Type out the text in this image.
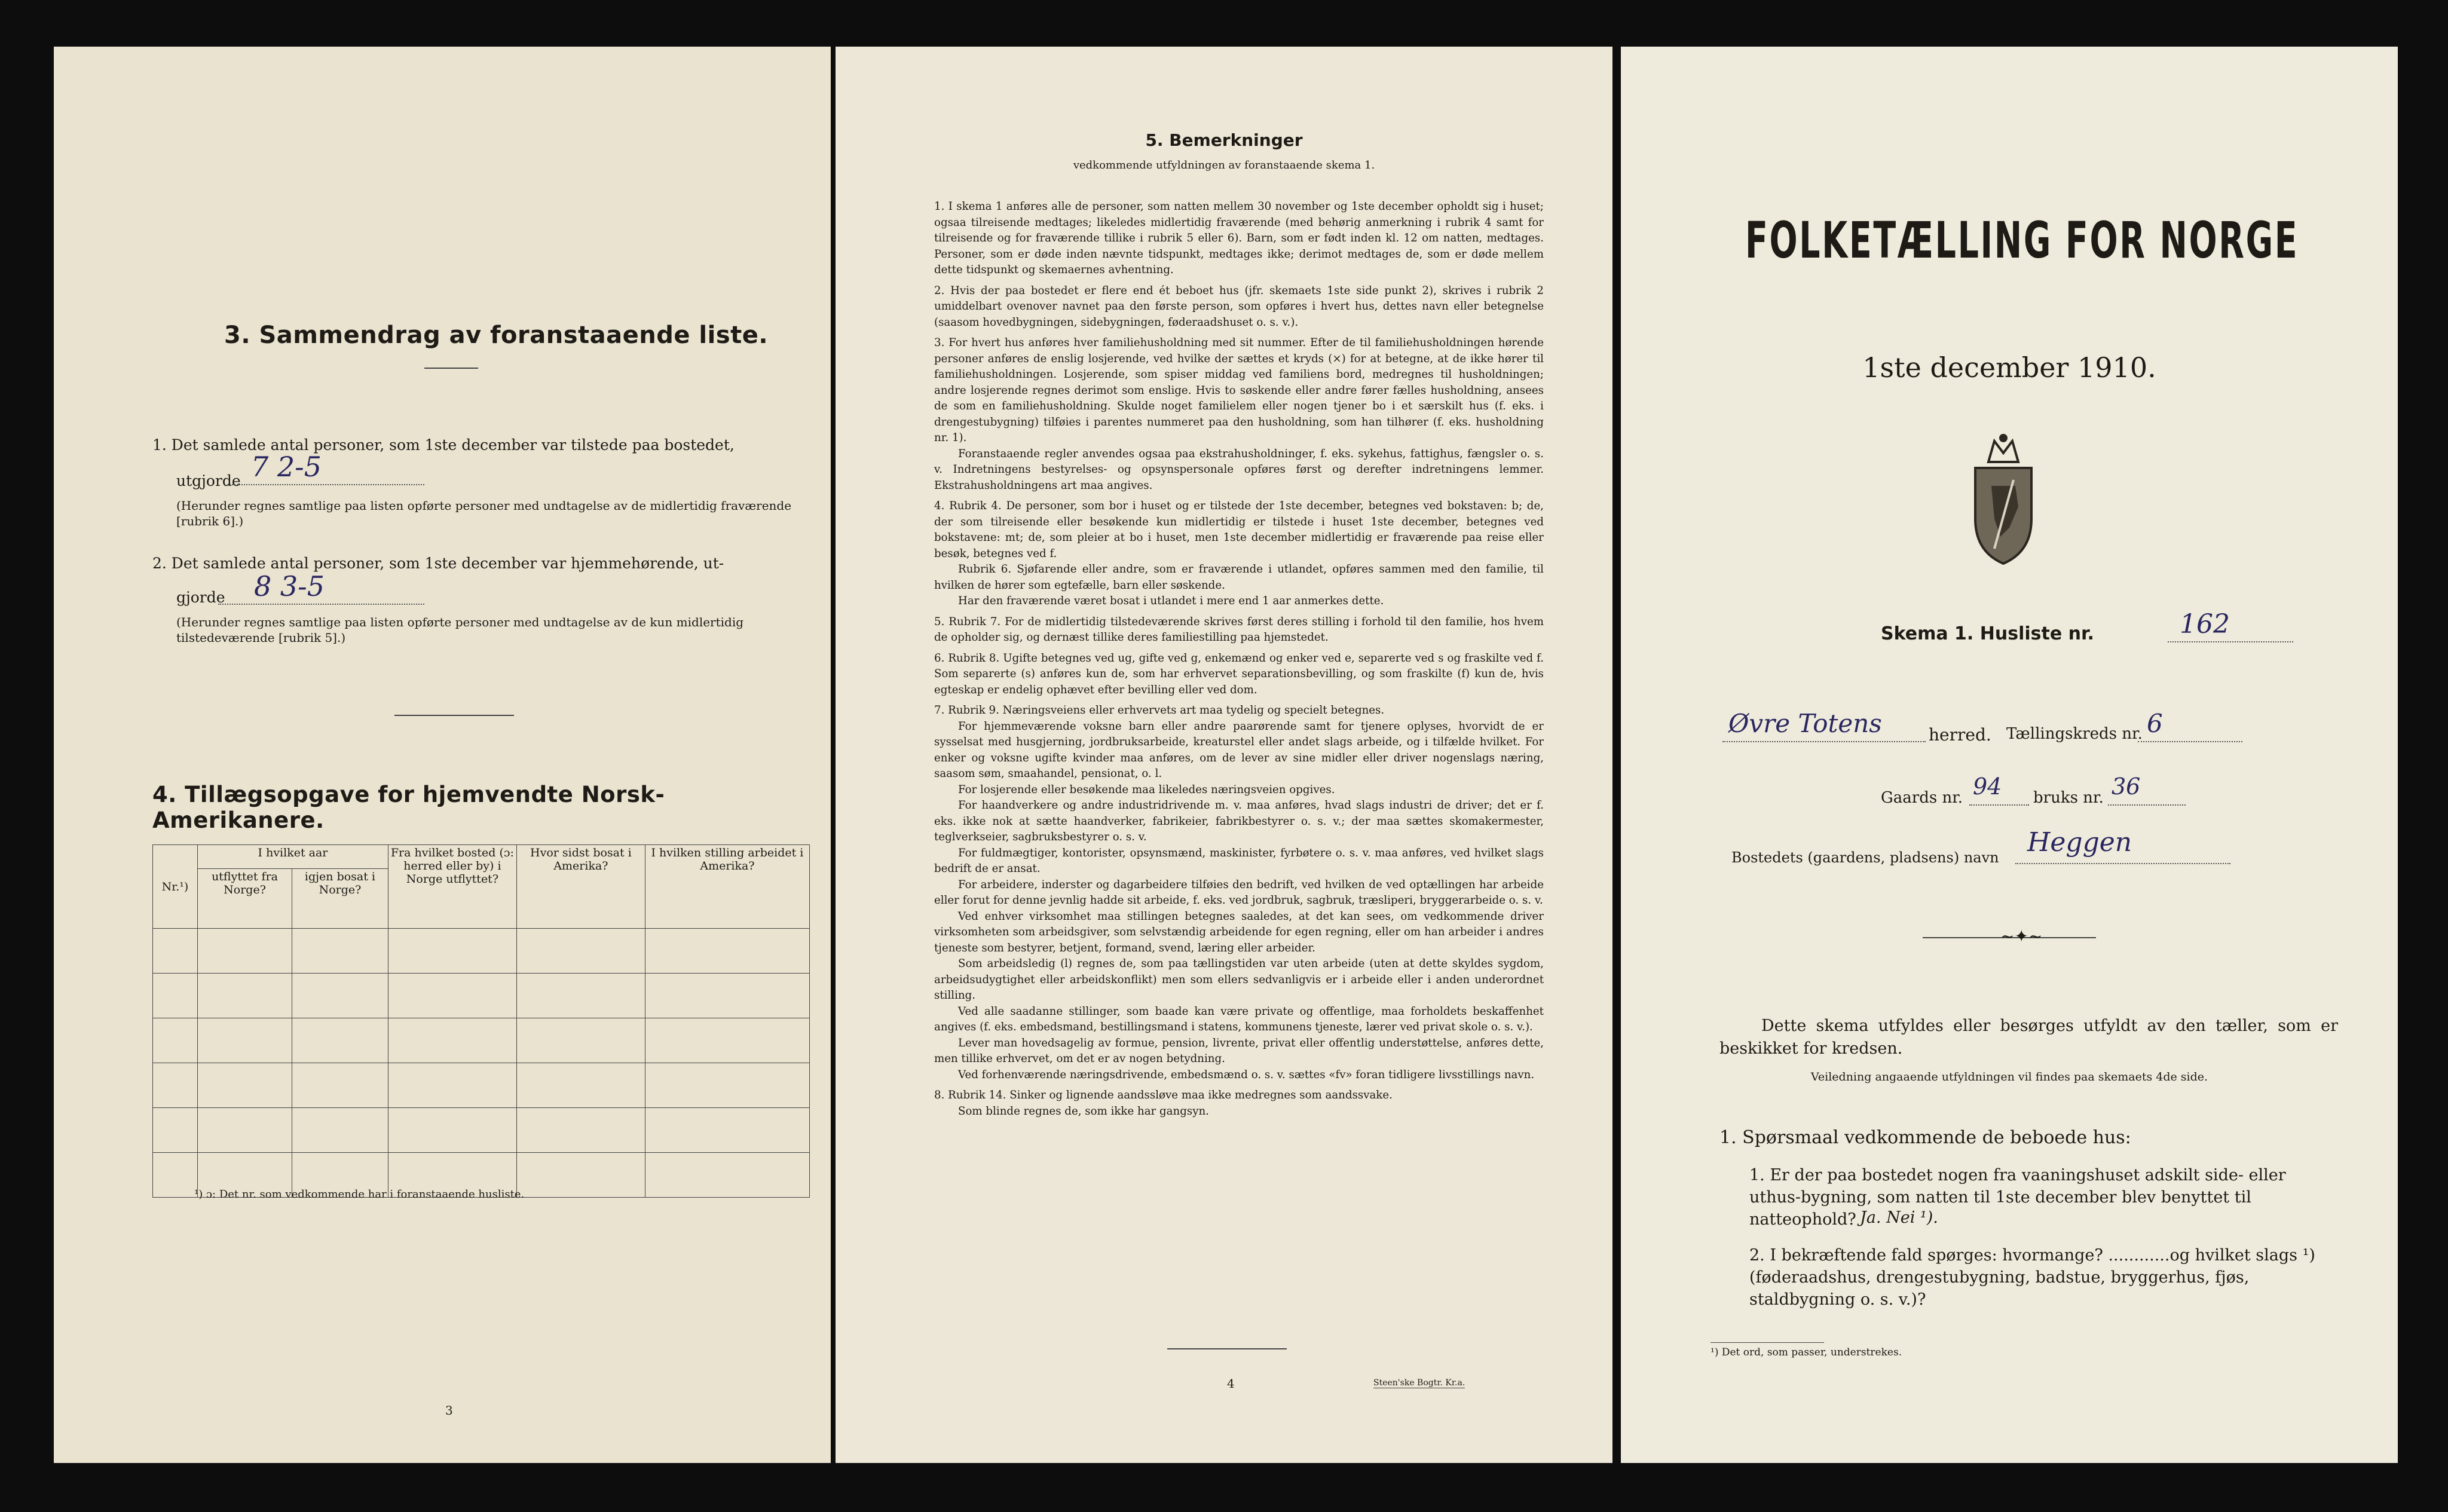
3. Sammendrag av foranstaaende liste.
1. Det samlede antal personer, som 1ste december var tilstede paa bostedet,
utgjorde 7 2-5
(Herunder regnes samtlige paa listen opførte personer med undtagelse av de midlertidig fraværende [rubrik 6].)
2. Det samlede antal personer, som 1ste december var hjemmehørende, ut-
gjorde 8 3-5
(Herunder regnes samtlige paa listen opførte personer med undtagelse av de kun midlertidig tilstedeværende [rubrik 5].)
4. Tillægsopgave for hjemvendte Norsk-Amerikanere.
Nr.¹)	I hvilket aar		Fra hvilket bosted (ɔ: herred eller by) i Norge utflyttet?	Hvor sidst bosat i Amerika?	I hvilken stilling arbeidet i Amerika?
	utflyttet fra Norge?	igjen bosat i Norge?			

¹) ɔ: Det nr. som vedkommende har i foranstaaende husliste.
3
5. Bemerkninger
vedkommende utfyldningen av foranstaaende skema 1.

1. I skema 1 anføres alle de personer, som natten mellem 30 november og 1ste december opholdt sig i huset; ogsaa tilreisende medtages; likeledes midlertidig fraværende (med behørig anmerkning i rubrik 4 samt for tilreisende og for fraværende tillike i rubrik 5 eller 6). Barn, som er født inden kl. 12 om natten, medtages. Personer, som er døde inden nævnte tidspunkt, medtages ikke; derimot medtages de, som er døde mellem dette tidspunkt og skemaernes avhentning.

2. Hvis der paa bostedet er flere end ét beboet hus (jfr. skemaets 1ste side punkt 2), skrives i rubrik 2 umiddelbart ovenover navnet paa den første person, som opføres i hvert hus, dettes navn eller betegnelse (saasom hovedbygningen, sidebygningen, føderaadshuset o. s. v.).

3. For hvert hus anføres hver familiehusholdning med sit nummer. Efter de til familiehusholdningen hørende personer anføres de enslig losjerende, ved hvilke der sættes et kryds (×) for at betegne, at de ikke hører til familiehusholdningen. Losjerende, som spiser middag ved familiens bord, medregnes til husholdningen; andre losjerende regnes derimot som enslige. Hvis to søskende eller andre fører fælles husholdning, ansees de som en familiehusholdning. Skulde noget familielem eller nogen tjener bo i et særskilt hus (f. eks. i drengestubygning) tilføies i parentes nummeret paa den husholdning, som han tilhører (f. eks. husholdning nr. 1).

Foranstaaende regler anvendes ogsaa paa ekstrahusholdninger, f. eks. sykehus, fattighus, fængsler o. s. v. Indretningens bestyrelses- og opsynspersonale opføres først og derefter indretningens lemmer. Ekstrahusholdningens art maa angives.

4. Rubrik 4. De personer, som bor i huset og er tilstede der 1ste december, betegnes ved bokstaven: b; de, der som tilreisende eller besøkende kun midlertidig er tilstede i huset 1ste december, betegnes ved bokstavene: mt; de, som pleier at bo i huset, men 1ste december midlertidig er fraværende paa reise eller besøk, betegnes ved f.

Rubrik 6. Sjøfarende eller andre, som er fraværende i utlandet, opføres sammen med den familie, til hvilken de hører som egtefælle, barn eller søskende.

Har den fraværende været bosat i utlandet i mere end 1 aar anmerkes dette.

5. Rubrik 7. For de midlertidig tilstedeværende skrives først deres stilling i forhold til den familie, hos hvem de opholder sig, og dernæst tillike deres familiestilling paa hjemstedet.

6. Rubrik 8. Ugifte betegnes ved ug, gifte ved g, enkemænd og enker ved e, separerte ved s og fraskilte ved f. Som separerte (s) anføres kun de, som har erhvervet separationsbevilling, og som fraskilte (f) kun de, hvis egteskap er endelig ophævet efter bevilling eller ved dom.

7. Rubrik 9. Næringsveiens eller erhvervets art maa tydelig og specielt betegnes.

For hjemmeværende voksne barn eller andre paarørende samt for tjenere oplyses, hvorvidt de er sysselsat med husgjerning, jordbruksarbeide, kreaturstel eller andet slags arbeide, og i tilfælde hvilket. For enker og voksne ugifte kvinder maa anføres, om de lever av sine midler eller driver nogenslags næring, saasom søm, smaahandel, pensionat, o. l.

For losjerende eller besøkende maa likeledes næringsveien opgives.

For haandverkere og andre industridrivende m. v. maa anføres, hvad slags industri de driver; det er f. eks. ikke nok at sætte haandverker, fabrikeier, fabrikbestyrer o. s. v.; der maa sættes skomakermester, teglverkseier, sagbruksbestyrer o. s. v.

For fuldmægtiger, kontorister, opsynsmænd, maskinister, fyrbøtere o. s. v. maa anføres, ved hvilket slags bedrift de er ansat.

For arbeidere, inderster og dagarbeidere tilføies den bedrift, ved hvilken de ved optællingen har arbeide eller forut for denne jevnlig hadde sit arbeide, f. eks. ved jordbruk, sagbruk, træsliperi, bryggerarbeide o. s. v.

Ved enhver virksomhet maa stillingen betegnes saaledes, at det kan sees, om vedkommende driver virksomheten som arbeidsgiver, som selvstændig arbeidende for egen regning, eller om han arbeider i andres tjeneste som bestyrer, betjent, formand, svend, læring eller arbeider.

Som arbeidsledig (l) regnes de, som paa tællingstiden var uten arbeide (uten at dette skyldes sygdom, arbeidsudygtighet eller arbeidskonflikt) men som ellers sedvanligvis er i arbeide eller i anden underordnet stilling.

Ved alle saadanne stillinger, som baade kan være private og offentlige, maa forholdets beskaffenhet angives (f. eks. embedsmand, bestillingsmand i statens, kommunens tjeneste, lærer ved privat skole o. s. v.).

Lever man hovedsagelig av formue, pension, livrente, privat eller offentlig understøttelse, anføres dette, men tillike erhvervet, om det er av nogen betydning.

Ved forhenværende næringsdrivende, embedsmænd o. s. v. sættes «fv» foran tidligere livsstillings navn.

8. Rubrik 14. Sinker og lignende aandssløve maa ikke medregnes som aandssvake.

Som blinde regnes de, som ikke har gangsyn.

4	Steen'ske Bogtr. Kr.a.
FOLKETÆLLING FOR NORGE
1ste december 1910.
Skema 1. Husliste nr.	162
Øvre Totens	herred. Tællingskreds nr. 6
Gaards nr. 94 bruks nr. 36
Bostedets (gaardens, pladsens) navn Heggen
~✦~
Dette skema utfyldes eller besørges utfyldt av den tæller, som er beskikket for kredsen.
Veiledning angaaende utfyldningen vil findes paa skemaets 4de side.
1. Spørsmaal vedkommende de beboede hus:
1. Er der paa bostedet nogen fra vaaningshuset adskilt side- eller uthus-bygning, som natten til 1ste december blev benyttet til natteophold? Ja. Nei ¹).
2. I bekræftende fald spørges: hvormange? ............og hvilket slags ¹) (føderaadshus, drengestubygning, badstue, bryggerhus, fjøs, staldbygning o. s. v.)?
¹) Det ord, som passer, understrekes.
